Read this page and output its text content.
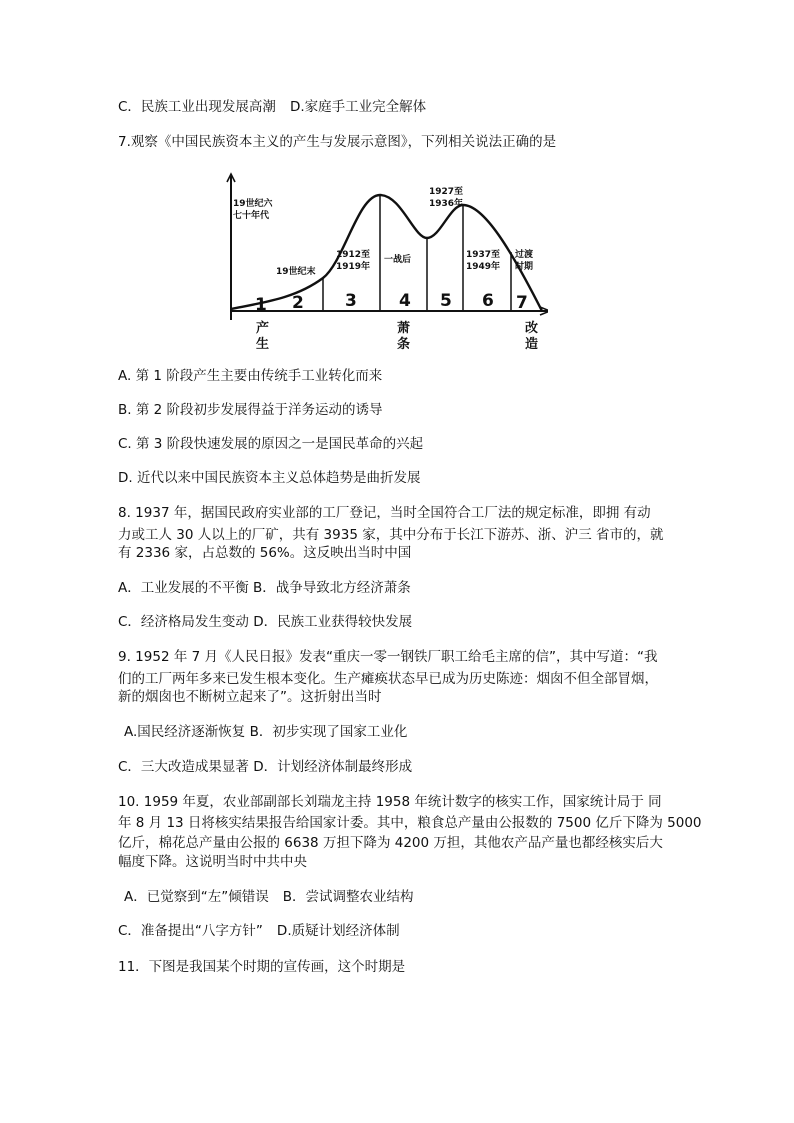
C．民族工业出现发展高潮 D.家庭手工业完全解体
7.观察《中国民族资本主义的产生与发展示意图》，下列相关说法正确的是
19世纪六
七十年代
19世纪末
1912至
1919年
一战后
1927至
1936年
1937至
1949年
过渡
时期
1 2 3 4 5 6 7
产
生
萧
条
改
造
A. 第 1 阶段产生主要由传统手工业转化而来
B. 第 2 阶段初步发展得益于洋务运动的诱导
C. 第 3 阶段快速发展的原因之一是国民革命的兴起
D. 近代以来中国民族资本主义总体趋势是曲折发展
8. 1937 年，据国民政府实业部的工厂登记，当时全国符合工厂法的规定标准，即拥 有动
力或工人 30 人以上的厂矿，共有 3935 家，其中分布于长江下游苏、浙、沪三 省市的，就
有 2336 家，占总数的 56%。这反映出当时中国
A．工业发展的不平衡 B．战争导致北方经济萧条
C．经济格局发生变动 D．民族工业获得较快发展
9. 1952 年 7 月《人民日报》发表“重庆一零一钢铁厂职工给毛主席的信”，其中写道：“我
们的工厂两年多来已发生根本变化。生产瘫痪状态早已成为历史陈迹：烟囱不但全部冒烟，
新的烟囱也不断树立起来了”。这折射出当时
A.国民经济逐渐恢复 B．初步实现了国家工业化
C．三大改造成果显著 D．计划经济体制最终形成
10. 1959 年夏，农业部副部长刘瑞龙主持 1958 年统计数字的核实工作，国家统计局于 同
年 8 月 13 日将核实结果报告给国家计委。其中，粮食总产量由公报数的 7500 亿斤下降为 5000
亿斤，棉花总产量由公报的 6638 万担下降为 4200 万担，其他农产品产量也都经核实后大
幅度下降。这说明当时中共中央
A．已觉察到“左”倾错误 B．尝试调整农业结构
C．准备提出“八字方针” D.质疑计划经济体制
11．下图是我国某个时期的宣传画，这个时期是
